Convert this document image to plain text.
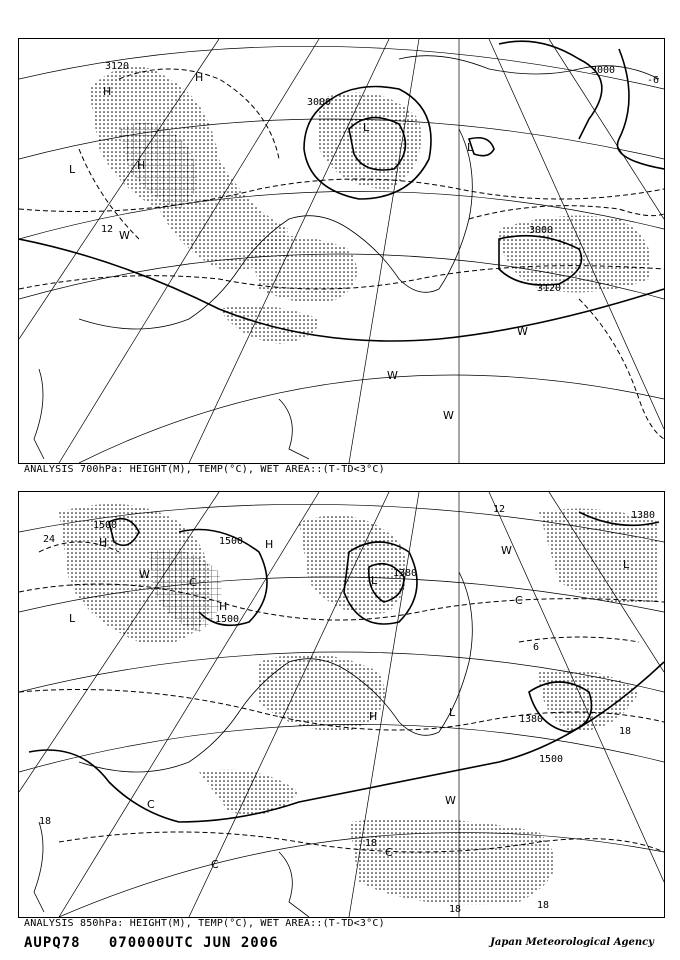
3000
3000
3000
3120
3120
H
H
H
L
L
L
12
-6
W
W
W
W
ANALYSIS 700hPa: HEIGHT(M), TEMP(°C), WET AREA::(T-TD<3°C)
1500
1500
1500
1500
1380
1380
1380
H	H
H
H
L
L
L
L
24
18
18
12
6
18
18	18
C
C
C
C
C
W
W
W
ANALYSIS 850hPa: HEIGHT(M), TEMP(°C), WET AREA::(T-TD<3°C)
AUPQ78 070000UTC JUN 2006	Japan Meteorological Agency
